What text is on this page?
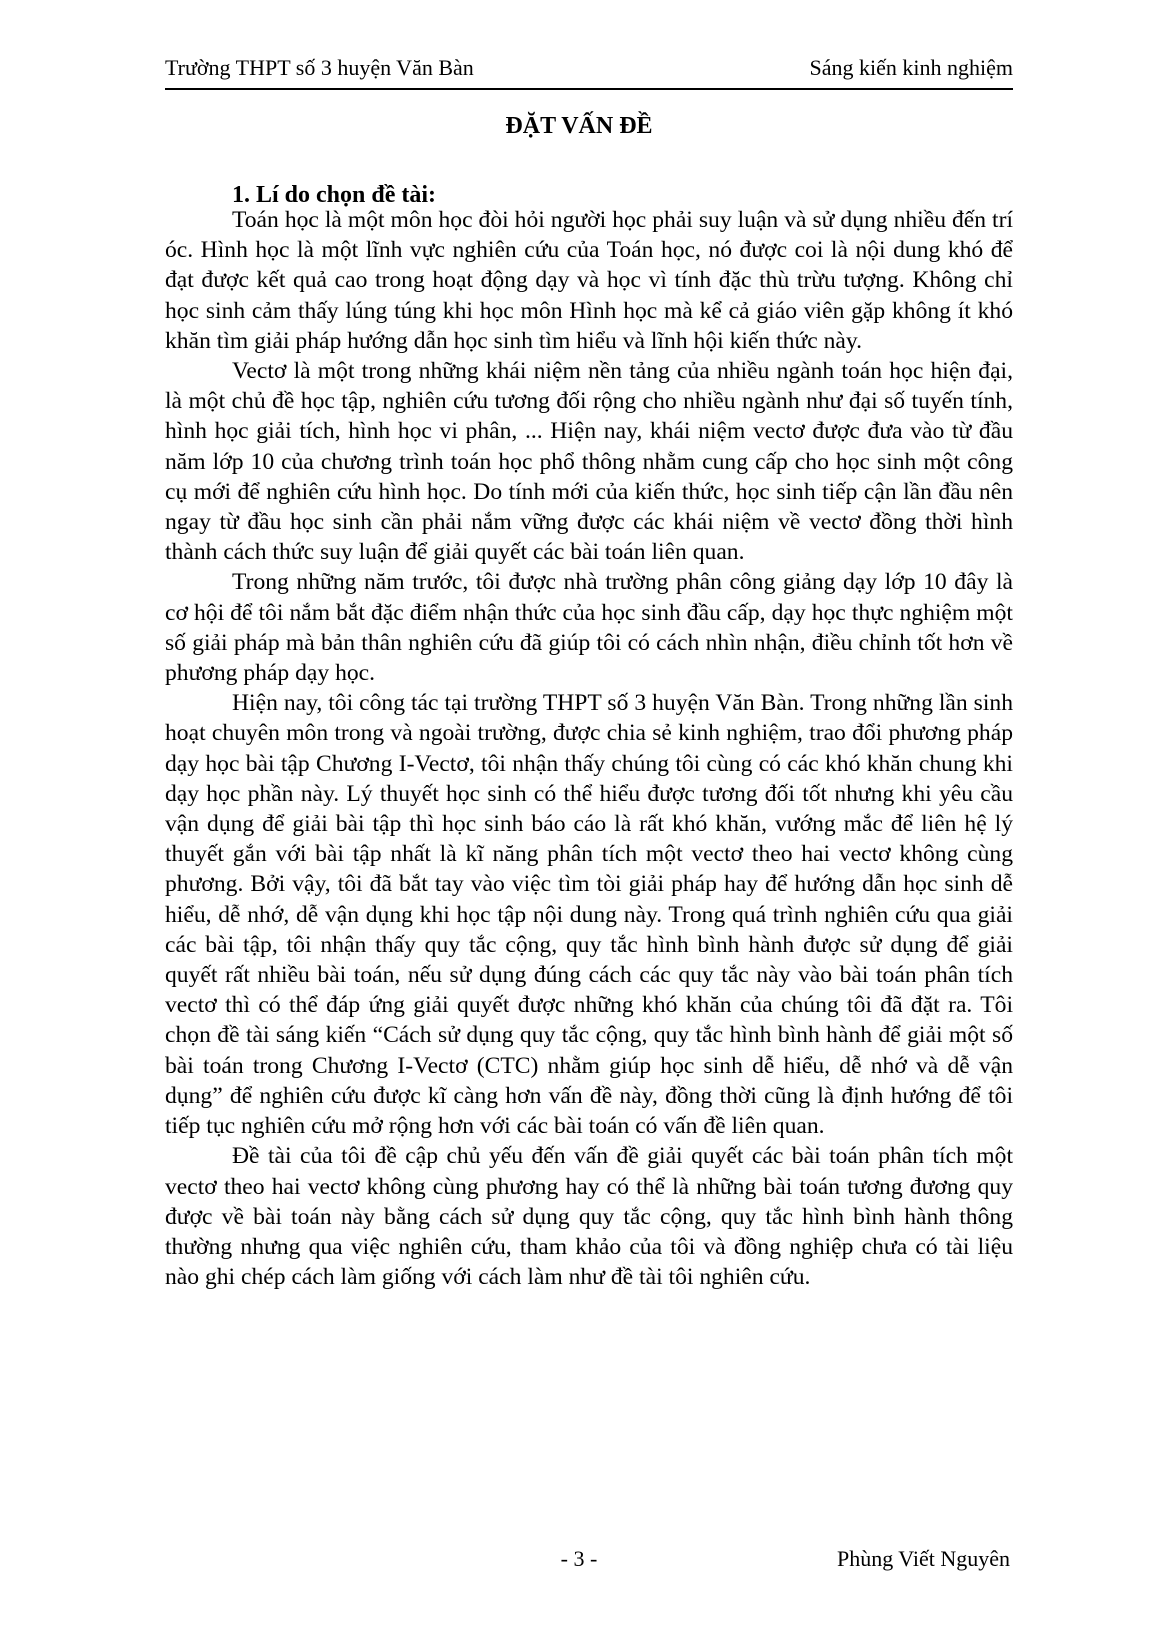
Trường THPT số 3 huyện Văn Bàn	Sáng kiến kinh nghiệm
ĐẶT VẤN ĐỀ
1. Lí do chọn đề tài:

Toán học là một môn học đòi hỏi người học phải suy luận và sử dụng nhiều đến trí óc. Hình học là một lĩnh vực nghiên cứu của Toán học, nó được coi là nội dung khó để đạt được kết quả cao trong hoạt động dạy và học vì tính đặc thù trừu tượng. Không chỉ học sinh cảm thấy lúng túng khi học môn Hình học mà kể cả giáo viên gặp không ít khó khăn tìm giải pháp hướng dẫn học sinh tìm hiểu và lĩnh hội kiến thức này.

Vectơ là một trong những khái niệm nền tảng của nhiều ngành toán học hiện đại, là một chủ đề học tập, nghiên cứu tương đối rộng cho nhiều ngành như đại số tuyến tính, hình học giải tích, hình học vi phân, ... Hiện nay, khái niệm vectơ được đưa vào từ đầu năm lớp 10 của chương trình toán học phổ thông nhằm cung cấp cho học sinh một công cụ mới để nghiên cứu hình học. Do tính mới của kiến thức, học sinh tiếp cận lần đầu nên ngay từ đầu học sinh cần phải nắm vững được các khái niệm về vectơ đồng thời hình thành cách thức suy luận để giải quyết các bài toán liên quan.

Trong những năm trước, tôi được nhà trường phân công giảng dạy lớp 10 đây là cơ hội để tôi nắm bắt đặc điểm nhận thức của học sinh đầu cấp, dạy học thực nghiệm một số giải pháp mà bản thân nghiên cứu đã giúp tôi có cách nhìn nhận, điều chỉnh tốt hơn về phương pháp dạy học.

Hiện nay, tôi công tác tại trường THPT số 3 huyện Văn Bàn. Trong những lần sinh hoạt chuyên môn trong và ngoài trường, được chia sẻ kinh nghiệm, trao đổi phương pháp dạy học bài tập Chương I-Vectơ, tôi nhận thấy chúng tôi cùng có các khó khăn chung khi dạy học phần này. Lý thuyết học sinh có thể hiểu được tương đối tốt nhưng khi yêu cầu vận dụng để giải bài tập thì học sinh báo cáo là rất khó khăn, vướng mắc để liên hệ lý thuyết gắn với bài tập nhất là kĩ năng phân tích một vectơ theo hai vectơ không cùng phương. Bởi vậy, tôi đã bắt tay vào việc tìm tòi giải pháp hay để hướng dẫn học sinh dễ hiểu, dễ nhớ, dễ vận dụng khi học tập nội dung này. Trong quá trình nghiên cứu qua giải các bài tập, tôi nhận thấy quy tắc cộng, quy tắc hình bình hành được sử dụng để giải quyết rất nhiều bài toán, nếu sử dụng đúng cách các quy tắc này vào bài toán phân tích vectơ thì có thể đáp ứng giải quyết được những khó khăn của chúng tôi đã đặt ra. Tôi chọn đề tài sáng kiến “Cách sử dụng quy tắc cộng, quy tắc hình bình hành để giải một số bài toán trong Chương I-Vectơ (CTC) nhằm giúp học sinh dễ hiểu, dễ nhớ và dễ vận dụng” để nghiên cứu được kĩ càng hơn vấn đề này, đồng thời cũng là định hướng để tôi tiếp tục nghiên cứu mở rộng hơn với các bài toán có vấn đề liên quan.

Đề tài của tôi đề cập chủ yếu đến vấn đề giải quyết các bài toán phân tích một vectơ theo hai vectơ không cùng phương hay có thể là những bài toán tương đương quy được về bài toán này bằng cách sử dụng quy tắc cộng, quy tắc hình bình hành thông thường nhưng qua việc nghiên cứu, tham khảo của tôi và đồng nghiệp chưa có tài liệu nào ghi chép cách làm giống với cách làm như đề tài tôi nghiên cứu.

- 3 -	Phùng Viết Nguyên
